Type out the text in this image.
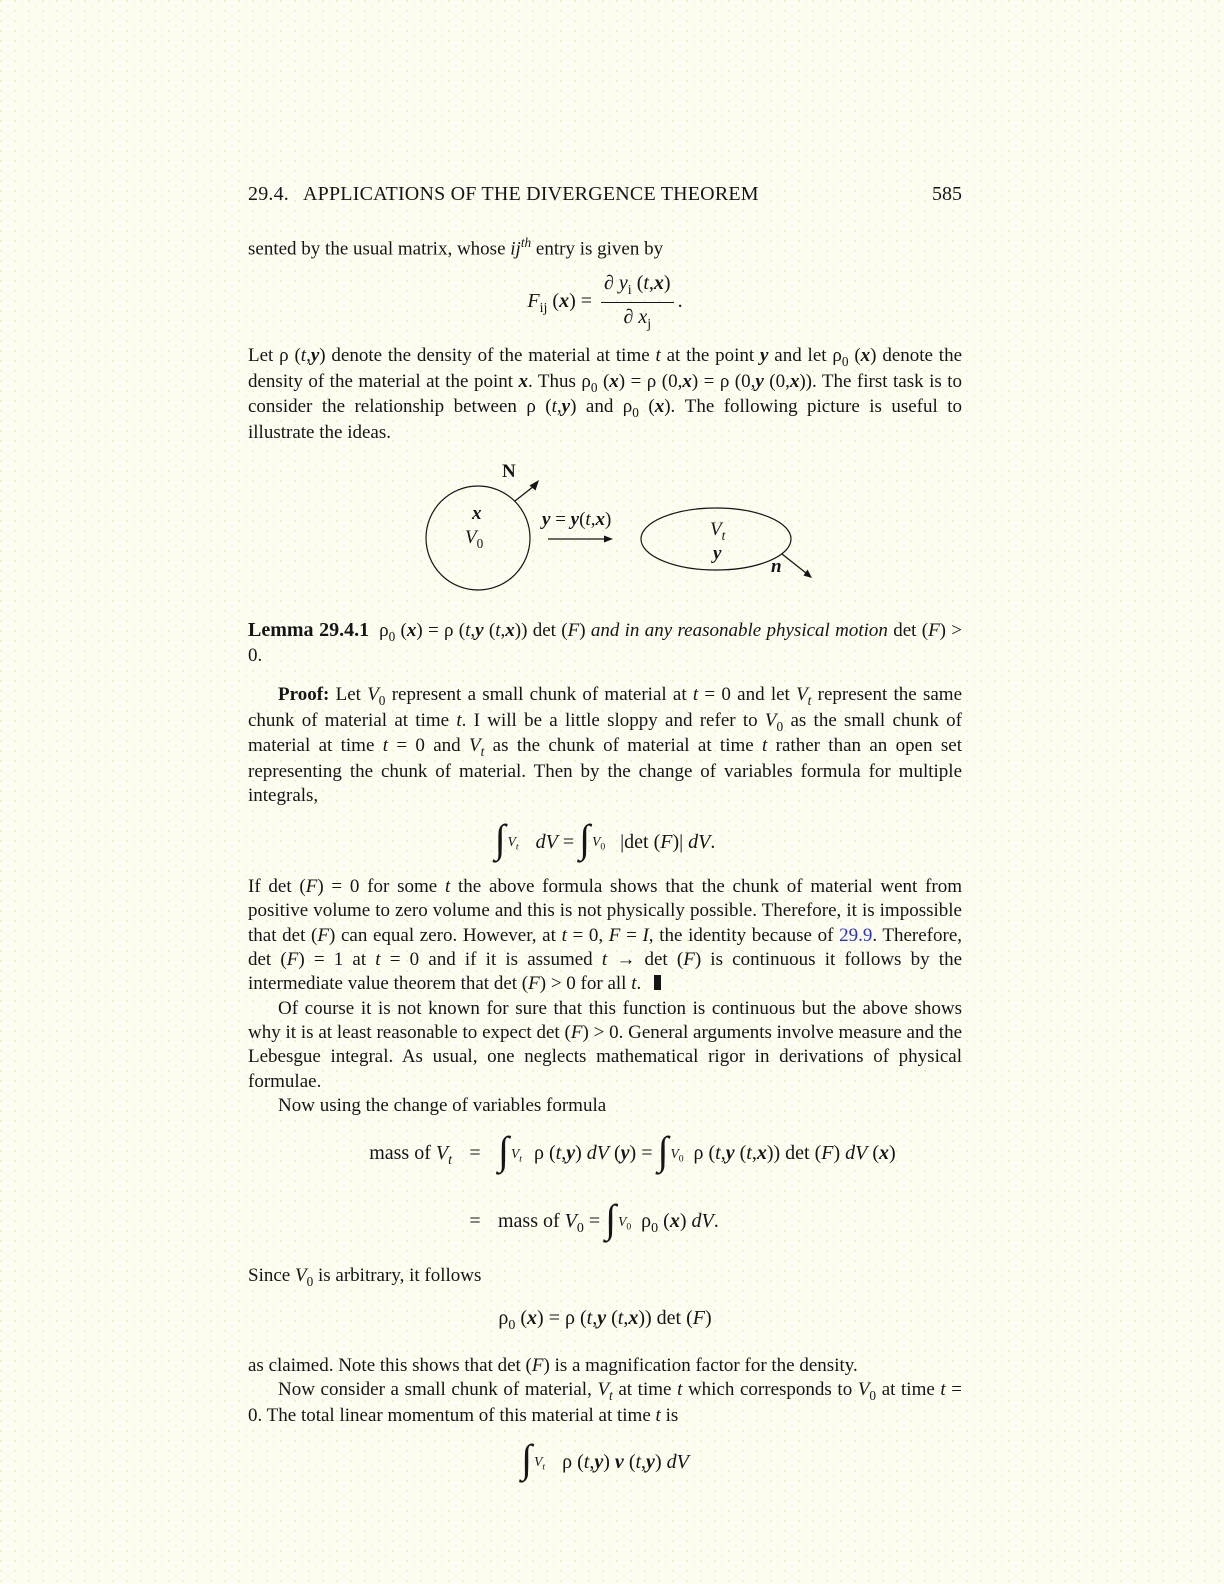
29.4. APPLICATIONS OF THE DIVERGENCE THEOREM	585

sented by the usual matrix, whose $ij^{th}$ entry is given by

$F_{ij}$ $(x) = \frac{\partial y_i (t,x)}{\partial x_j}$ .

Let ρ (t,y) denote the density of the material at time t at the point y and let $\rho_0$ (x) denote the density of the material at the point x. Thus $\rho_0$ (x) = ρ (0,x) = ρ (0,y (0,x)). The first task is to consider the relationship between ρ (t,y) and $\rho_0$ (x). The following picture is useful to illustrate the ideas.

N
x
$V_0$
y = y(t,x)	$V_t$
y
n

Lemma 29.4.1 $\rho_0$ (x) = ρ (t,y (t,x)) det (F) and in any reasonable physical motion det (F) > 0.

Proof: Let $V_0$ represent a small chunk of material at t = 0 and let $V_t$ represent the same chunk of material at time t. I will be a little sloppy and refer to $V_0$ as the small chunk of material at time t = 0 and $V_t$ as the chunk of material at time t rather than an open set representing the chunk of material. Then by the change of variables formula for multiple integrals,

∫ $V_t$ dV = ∫ $V_0$ |det (F)| dV.

If det (F) = 0 for some t the above formula shows that the chunk of material went from positive volume to zero volume and this is not physically possible. Therefore, it is impossible that det (F) can equal zero. However, at t = 0, F = I, the identity because of 29.9. Therefore, det (F) = 1 at t = 0 and if it is assumed t → det (F) is continuous it follows by the intermediate value theorem that det (F) > 0 for all t.

Of course it is not known for sure that this function is continuous but the above shows why it is at least reasonable to expect det (F) > 0. General arguments involve measure and the Lebesgue integral. As usual, one neglects mathematical rigor in derivations of physical formulae.

Now using the change of variables formula

mass of $V_t$ = ∫ $V_t$ ρ (t,y) dV (y) = ∫ $V_0$ ρ (t,y (t,x)) det (F) dV (x)
= mass of $V_0$ = ∫ $V_0$ $\rho_0$ (x) dV.

Since $V_0$ is arbitrary, it follows

$\rho_0$ (x) = ρ (t,y (t,x)) det (F)

as claimed. Note this shows that det (F) is a magnification factor for the density.

Now consider a small chunk of material, $V_t$ at time t which corresponds to $V_0$ at time t = 0. The total linear momentum of this material at time t is

∫ $V_t$ ρ (t,y) v (t,y) dV
